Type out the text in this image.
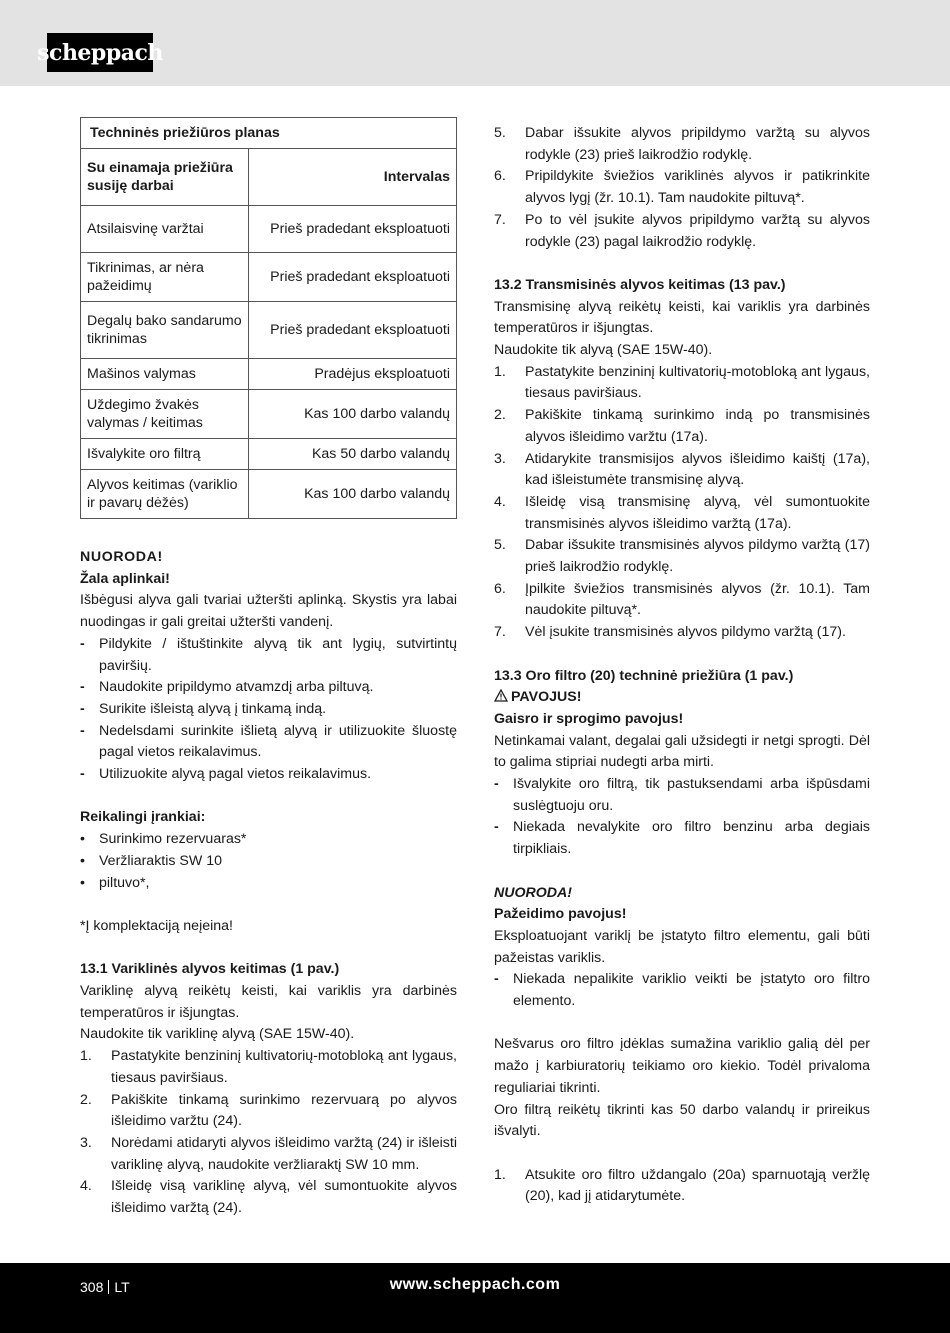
scheppach
Techninės priežiūros planas	
Su einamaja priežiūra susiję darbai	Intervalas
Atsilaisvinę varžtai	Prieš pradedant eksploatuoti
Tikrinimas, ar nėra pažeidimų	Prieš pradedant eksploatuoti
Degalų bako sandarumo tikrinimas	Prieš pradedant eksploatuoti
Mašinos valymas	Pradėjus eksploatuoti
Uždegimo žvakės valymas / keitimas	Kas 100 darbo valandų
Išvalykite oro filtrą	Kas 50 darbo valandų
Alyvos keitimas (variklio ir pavarų dėžės)	Kas 100 darbo valandų

NUORODA!

Žala aplinkai!

Išbėgusi alyva gali tvariai užteršti aplinką. Skystis yra labai nuodingas ir gali greitai užteršti vandenį.

- Pildykite / ištuštinkite alyvą tik ant lygių, sutvirtintų paviršių.
- Naudokite pripildymo atvamzdį arba piltuvą.
- Surikite išleistą alyvą į tinkamą indą.
- Nedelsdami surinkite išlietą alyvą ir utilizuokite šluostę pagal vietos reikalavimus.
- Utilizuokite alyvą pagal vietos reikalavimus.

Reikalingi įrankiai:

• Surinkimo rezervuaras*
• Veržliaraktis SW 10
• piltuvo*,

*Į komplektaciją neįeina!

13.1 Variklinės alyvos keitimas (1 pav.)

Variklinę alyvą reikėtų keisti, kai variklis yra darbinės temperatūros ir išjungtas.

Naudokite tik variklinę alyvą (SAE 15W-40).

1. Pastatykite benzininį kultivatorių-motobloką ant lygaus, tiesaus paviršiaus.
2. Pakiškite tinkamą surinkimo rezervuarą po alyvos išleidimo varžtu (24).
3. Norėdami atidaryti alyvos išleidimo varžtą (24) ir išleisti variklinę alyvą, naudokite veržliaraktį SW 10 mm.
4. Išleidę visą variklinę alyvą, vėl sumontuokite alyvos išleidimo varžtą (24).
5. Dabar išsukite alyvos pripildymo varžtą su alyvos rodykle (23) prieš laikrodžio rodyklę.
6. Pripildykite šviežios variklinės alyvos ir patikrinkite alyvos lygį (žr. 10.1). Tam naudokite piltuvą*.
7. Po to vėl įsukite alyvos pripildymo varžtą su alyvos rodykle (23) pagal laikrodžio rodyklę.

13.2 Transmisinės alyvos keitimas (13 pav.)

Transmisinę alyvą reikėtų keisti, kai variklis yra darbinės temperatūros ir išjungtas.

Naudokite tik alyvą (SAE 15W-40).

1. Pastatykite benzininį kultivatorių-motobloką ant lygaus, tiesaus paviršiaus.
2. Pakiškite tinkamą surinkimo indą po transmisinės alyvos išleidimo varžtu (17a).
3. Atidarykite transmisijos alyvos išleidimo kaištį (17a), kad išleistumėte transmisinę alyvą.
4. Išleidę visą transmisinę alyvą, vėl sumontuokite transmisinės alyvos išleidimo varžtą (17a).
5. Dabar išsukite transmisinės alyvos pildymo varžtą (17) prieš laikrodžio rodyklę.
6. Įpilkite šviežios transmisinės alyvos (žr. 10.1). Tam naudokite piltuvą*.
7. Vėl įsukite transmisinės alyvos pildymo varžtą (17).

13.3 Oro filtro (20) techninė priežiūra (1 pav.)

PAVOJUS!

Gaisro ir sprogimo pavojus!

Netinkamai valant, degalai gali užsidegti ir netgi sprogti. Dėl to galima stipriai nudegti arba mirti.

- Išvalykite oro filtrą, tik pastuksendami arba išpūsdami suslėgtuoju oru.
- Niekada nevalykite oro filtro benzinu arba degiais tirpikliais.

NUORODA!

Pažeidimo pavojus!

Eksploatuojant variklį be įstatyto filtro elementu, gali būti pažeistas variklis.

- Niekada nepalikite variklio veikti be įstatyto oro filtro elemento.

Nešvarus oro filtro įdėklas sumažina variklio galią dėl per mažo į karbiuratorių teikiamo oro kiekio. Todėl privaloma reguliariai tikrinti.

Oro filtrą reikėtų tikrinti kas 50 darbo valandų ir prireikus išvalyti.

1. Atsukite oro filtro uždangalo (20a) sparnuotąją veržlę (20), kad jį atidarytumėte.
308 LT	www.scheppach.com
